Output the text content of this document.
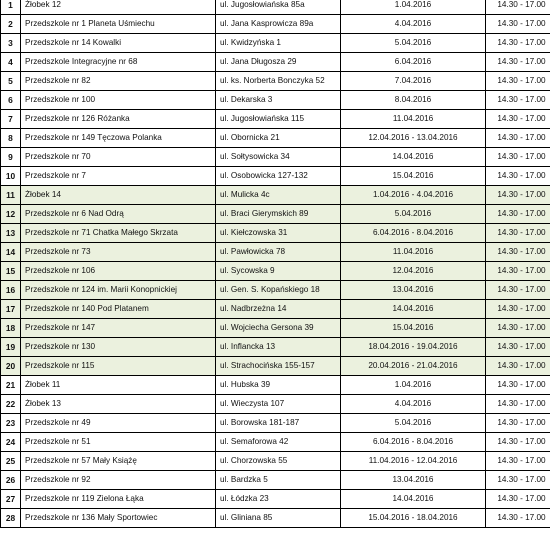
1	Żłobek 12	ul. Jugosłowiańska 85a	1.04.2016	14.30 - 17.00
2	Przedszkole nr 1 Planeta Uśmiechu	ul. Jana Kasprowicza 89a	4.04.2016	14.30 - 17.00
3	Przedszkole nr 14 Kowalki	ul. Kwidzyńska 1	5.04.2016	14.30 - 17.00
4	Przedszkole Integracyjne nr 68	ul. Jana Długosza 29	6.04.2016	14.30 - 17.00
5	Przedszkole nr 82	ul. ks. Norberta Bonczyka 52	7.04.2016	14.30 - 17.00
6	Przedszkole nr 100	ul. Dekarska 3	8.04.2016	14.30 - 17.00
7	Przedszkole nr 126 Różanka	ul. Jugosłowiańska 115	11.04.2016	14.30 - 17.00
8	Przedszkole nr 149 Tęczowa Polanka	ul. Obornicka 21	12.04.2016 - 13.04.2016	14.30 - 17.00
9	Przedszkole nr 70	ul. Sołtysowicka 34	14.04.2016	14.30 - 17.00
10	Przedszkole nr 7	ul. Osobowicka 127-132	15.04.2016	14.30 - 17.00
11	Żłobek 14	ul. Mulicka 4c	1.04.2016 - 4.04.2016	14.30 - 17.00
12	Przedszkole nr 6 Nad Odrą	ul. Braci Gierymskich 89	5.04.2016	14.30 - 17.00
13	Przedszkole nr 71 Chatka Małego Skrzata	ul. Kiełczowska 31	6.04.2016 - 8.04.2016	14.30 - 17.00
14	Przedszkole nr 73	ul. Pawłowicka 78	11.04.2016	14.30 - 17.00
15	Przedszkole nr 106	ul. Sycowska 9	12.04.2016	14.30 - 17.00
16	Przedszkole nr 124 im. Marii Konopnickiej	ul. Gen. S. Kopańskiego 18	13.04.2016	14.30 - 17.00
17	Przedszkole nr 140 Pod Platanem	ul. Nadbrzeżna 14	14.04.2016	14.30 - 17.00
18	Przedszkole nr 147	ul. Wojciecha Gersona 39	15.04.2016	14.30 - 17.00
19	Przedszkole nr 130	ul. Inflancka 13	18.04.2016 - 19.04.2016	14.30 - 17.00
20	Przedszkole nr 115	ul. Strachocińska 155-157	20.04.2016 - 21.04.2016	14.30 - 17.00
21	Żłobek 11	ul. Hubska 39	1.04.2016	14.30 - 17.00
22	Żłobek 13	ul. Wieczysta 107	4.04.2016	14.30 - 17.00
23	Przedszkole nr 49	ul. Borowska 181-187	5.04.2016	14.30 - 17.00
24	Przedszkole nr 51	ul. Semaforowa 42	6.04.2016 - 8.04.2016	14.30 - 17.00
25	Przedszkole nr 57 Mały Książę	ul. Chorzowska 55	11.04.2016 - 12.04.2016	14.30 - 17.00
26	Przedszkole nr 92	ul. Bardzka 5	13.04.2016	14.30 - 17.00
27	Przedszkole nr 119 Zielona Łąka	ul. Łódzka 23	14.04.2016	14.30 - 17.00
28	Przedszkole nr 136 Mały Sportowiec	ul. Gliniana 85	15.04.2016 - 18.04.2016	14.30 - 17.00
